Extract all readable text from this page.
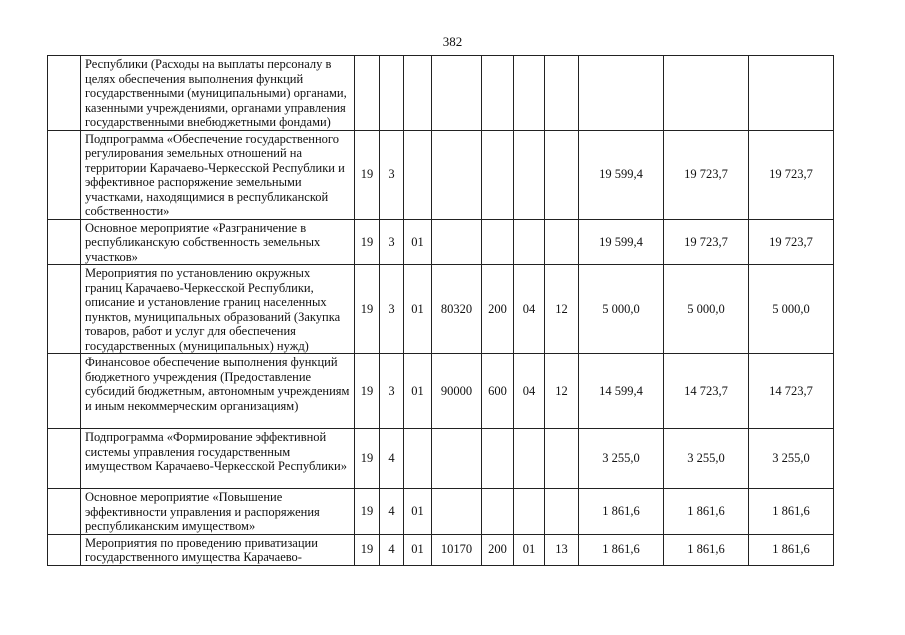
382
	Республики (Расходы на выплаты персоналу в целях обеспечения выполнения функций государственными (муниципальными) органами, казенными учреждениями, органами управления государственными внебюджетными фондами)										
	Подпрограмма «Обеспечение государственного регулирования земельных отношений на территории Карачаево-Черкесской Республики и эффективное распоряжение земельными участками, находящимися в республиканской собственности»	19	3						19 599,4	19 723,7	19 723,7
	Основное мероприятие «Разграничение в республиканскую собственность земельных участков»	19	3	01					19 599,4	19 723,7	19 723,7
	Мероприятия по установлению окружных границ Карачаево-Черкесской Республики, описание и установление границ населенных пунктов, муниципальных образований (Закупка товаров, работ и услуг для обеспечения государственных (муниципальных) нужд)	19	3	01	80320	200	04	12	5 000,0	5 000,0	5 000,0
	Финансовое обеспечение выполнения функций бюджетного учреждения (Предоставление субсидий бюджетным, автономным учреждениям и иным некоммерческим организациям)	19	3	01	90000	600	04	12	14 599,4	14 723,7	14 723,7
	Подпрограмма «Формирование эффективной системы управления государственным имуществом Карачаево-Черкесской Республики»	19	4						3 255,0	3 255,0	3 255,0
	Основное мероприятие «Повышение эффективности управления и распоряжения республиканским имуществом»	19	4	01					1 861,6	1 861,6	1 861,6
	Мероприятия по проведению приватизации государственного имущества Карачаево-	19	4	01	10170	200	01	13	1 861,6	1 861,6	1 861,6
